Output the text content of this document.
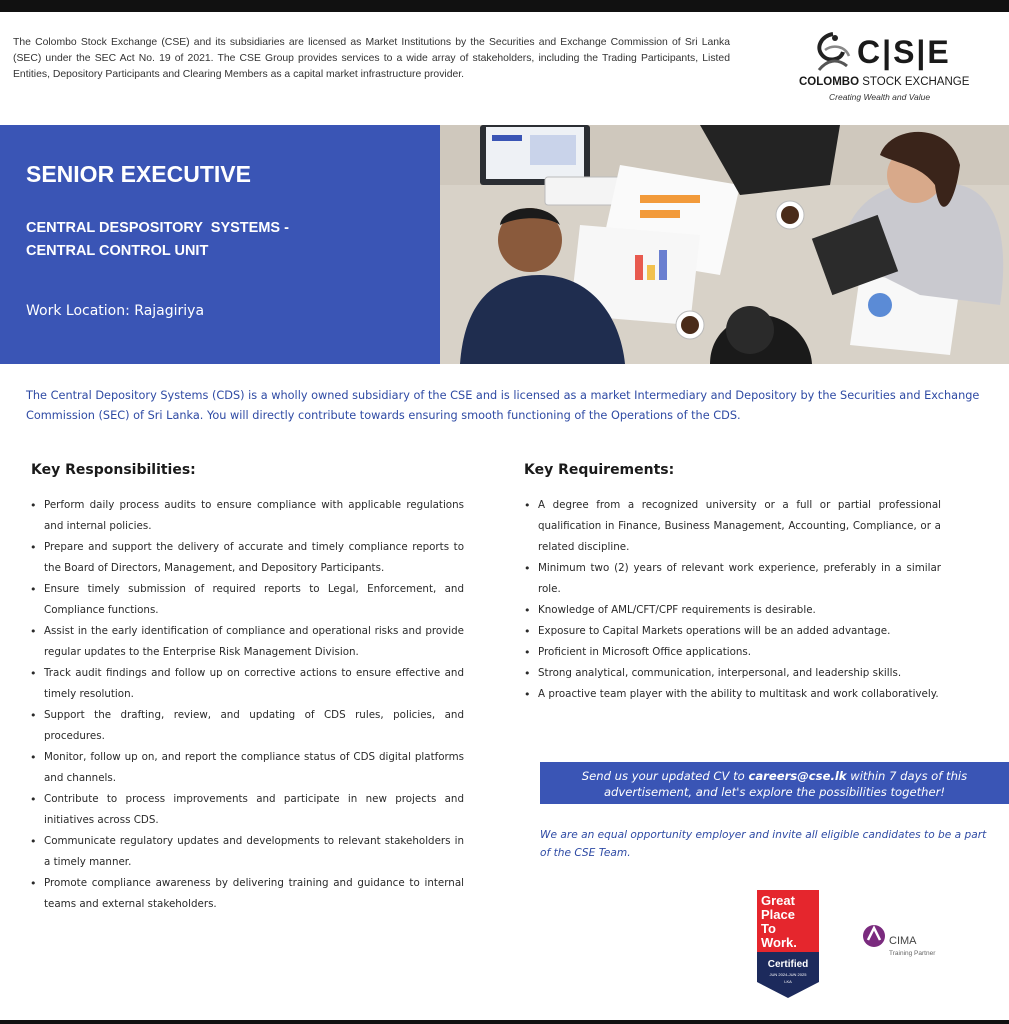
The Colombo Stock Exchange (CSE) and its subsidiaries are licensed as Market Institutions by the Securities and Exchange Commission of Sri Lanka (SEC) under the SEC Act No. 19 of 2021. The CSE Group provides services to a wide array of stakeholders, including the Trading Participants, Listed Entities, Depository Participants and Clearing Members as a capital market infrastructure provider.
C|S|E
COLOMBO STOCK EXCHANGE
Creating Wealth and Value
SENIOR EXECUTIVE
CENTRAL DESPOSITORY  SYSTEMS -
CENTRAL CONTROL UNIT
Work Location: Rajagiriya
The Central Depository Systems (CDS) is a wholly owned subsidiary of the CSE and is licensed as a market Intermediary and Depository by the Securities and Exchange Commission (SEC) of Sri Lanka. You will directly contribute towards ensuring smooth functioning of the Operations of the CDS.
Key Responsibilities:
• Perform daily process audits to ensure compliance with applicable regulations and internal policies.
• Prepare and support the delivery of accurate and timely compliance reports to the Board of Directors, Management, and Depository Participants.
• Ensure timely submission of required reports to Legal, Enforcement, and Compliance functions.
• Assist in the early identification of compliance and operational risks and provide regular updates to the Enterprise Risk Management Division.
• Track audit findings and follow up on corrective actions to ensure effective and timely resolution.
• Support the drafting, review, and updating of CDS rules, policies, and procedures.
• Monitor, follow up on, and report the compliance status of CDS digital platforms and channels.
• Contribute to process improvements and participate in new projects and initiatives across CDS.
• Communicate regulatory updates and developments to relevant stakeholders in a timely manner.
• Promote compliance awareness by delivering training and guidance to internal teams and external stakeholders.
Key Requirements:
• A degree from a recognized university or a full or partial professional qualification in Finance, Business Management, Accounting, Compliance, or a related discipline.
• Minimum two (2) years of relevant work experience, preferably in a similar role.
• Knowledge of AML/CFT/CPF requirements is desirable.
• Exposure to Capital Markets operations will be an added advantage.
• Proficient in Microsoft Office applications.
• Strong analytical, communication, interpersonal, and leadership skills.
• A proactive team player with the ability to multitask and work collaboratively.
Send us your updated CV to careers@cse.lk within 7 days of this advertisement, and let's explore the possibilities together!
We are an equal opportunity employer and invite all eligible candidates to be a part of the CSE Team.
Great
Place
To
Work.
Certified
JUN 2024-JUN 2025
LKA
CIMA
Training Partner
